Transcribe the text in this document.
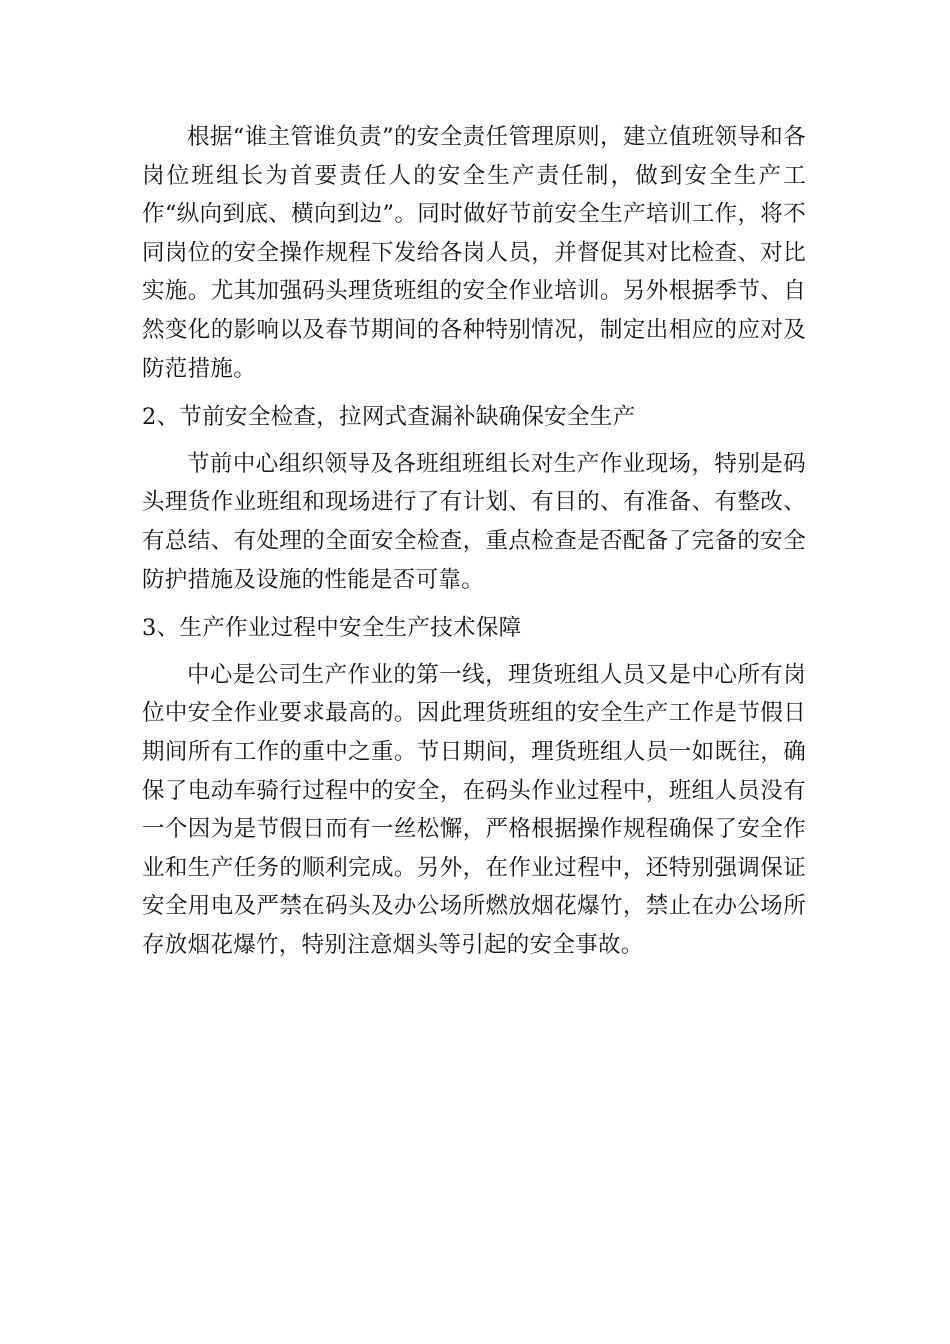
根据“谁主管谁负责”的安全责任管理原则，建立值班领导和各岗位班组长为首要责任人的安全生产责任制，做到安全生产工作“纵向到底、横向到边”。同时做好节前安全生产培训工作，将不同岗位的安全操作规程下发给各岗人员，并督促其对比检查、对比实施。尤其加强码头理货班组的安全作业培训。另外根据季节、自然变化的影响以及春节期间的各种特别情况，制定出相应的应对及防范措施。

2、节前安全检查，拉网式查漏补缺确保安全生产

节前中心组织领导及各班组班组长对生产作业现场，特别是码头理货作业班组和现场进行了有计划、有目的、有准备、有整改、有总结、有处理的全面安全检查，重点检查是否配备了完备的安全防护措施及设施的性能是否可靠。

3、生产作业过程中安全生产技术保障

中心是公司生产作业的第一线，理货班组人员又是中心所有岗位中安全作业要求最高的。因此理货班组的安全生产工作是节假日期间所有工作的重中之重。节日期间，理货班组人员一如既往，确保了电动车骑行过程中的安全，在码头作业过程中，班组人员没有一个因为是节假日而有一丝松懈，严格根据操作规程确保了安全作业和生产任务的顺利完成。另外，在作业过程中，还特别强调保证安全用电及严禁在码头及办公场所燃放烟花爆竹，禁止在办公场所存放烟花爆竹，特别注意烟头等引起的安全事故。
